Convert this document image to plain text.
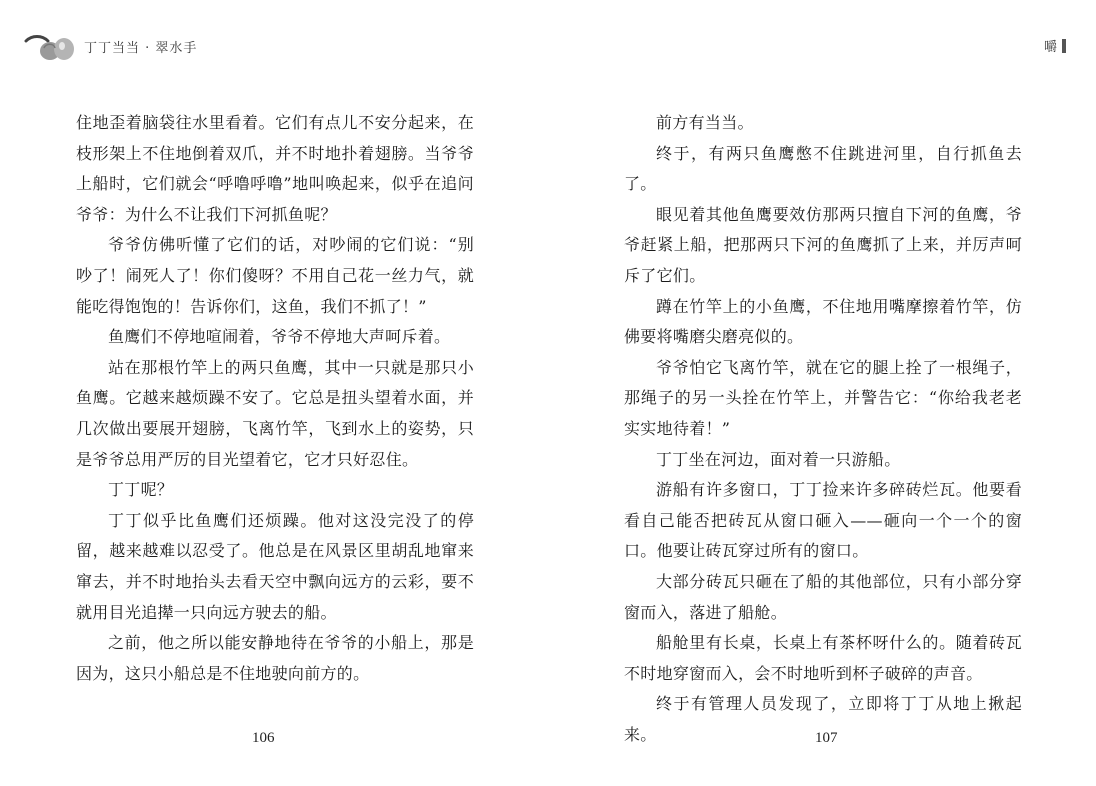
丁丁当当 · 翠水手	嚼

住地歪着脑袋往水里看着。它们有点儿不安分起来，在枝形架上不住地倒着双爪，并不时地扑着翅膀。当爷爷上船时，它们就会“呼噜呼噜”地叫唤起来，似乎在追问爷爷：为什么不让我们下河抓鱼呢？

爷爷仿佛听懂了它们的话，对吵闹的它们说：“别吵了！闹死人了！你们傻呀？不用自己花一丝力气，就能吃得饱饱的！告诉你们，这鱼，我们不抓了！”

鱼鹰们不停地喧闹着，爷爷不停地大声呵斥着。

站在那根竹竿上的两只鱼鹰，其中一只就是那只小鱼鹰。它越来越烦躁不安了。它总是扭头望着水面，并几次做出要展开翅膀，飞离竹竿，飞到水上的姿势，只是爷爷总用严厉的目光望着它，它才只好忍住。

丁丁呢？

丁丁似乎比鱼鹰们还烦躁。他对这没完没了的停留，越来越难以忍受了。他总是在风景区里胡乱地窜来窜去，并不时地抬头去看天空中飘向远方的云彩，要不就用目光追撵一只向远方驶去的船。

之前，他之所以能安静地待在爷爷的小船上，那是因为，这只小船总是不住地驶向前方的。

前方有当当。

终于，有两只鱼鹰憋不住跳进河里，自行抓鱼去了。

眼见着其他鱼鹰要效仿那两只擅自下河的鱼鹰，爷爷赶紧上船，把那两只下河的鱼鹰抓了上来，并厉声呵斥了它们。

蹲在竹竿上的小鱼鹰，不住地用嘴摩擦着竹竿，仿佛要将嘴磨尖磨亮似的。

爷爷怕它飞离竹竿，就在它的腿上拴了一根绳子，那绳子的另一头拴在竹竿上，并警告它：“你给我老老实实地待着！”

丁丁坐在河边，面对着一只游船。

游船有许多窗口，丁丁捡来许多碎砖烂瓦。他要看看自己能否把砖瓦从窗口砸入——砸向一个一个的窗口。他要让砖瓦穿过所有的窗口。

大部分砖瓦只砸在了船的其他部位，只有小部分穿窗而入，落进了船舱。

船舱里有长桌，长桌上有茶杯呀什么的。随着砖瓦不时地穿窗而入，会不时地听到杯子破碎的声音。

终于有管理人员发现了，立即将丁丁从地上揪起来。

106	107
